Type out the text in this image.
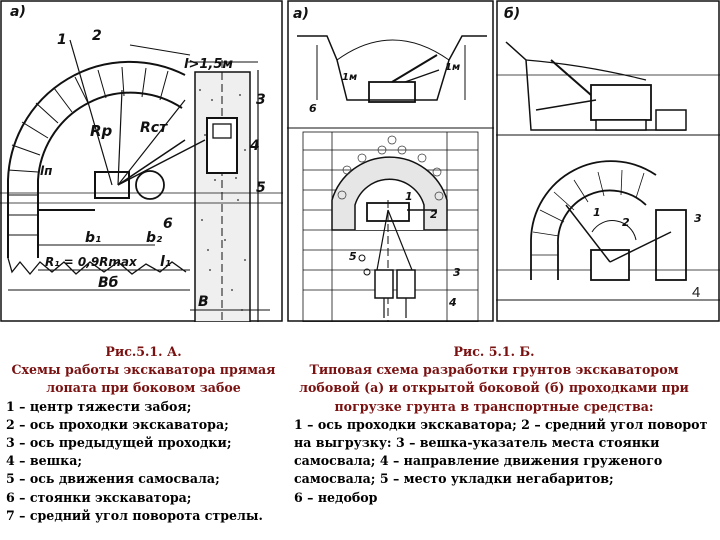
а)
1 2
3
4
5
6
Rр Rст
lп
b₁	b₂
l₁
R₁ = 0,9Rmax
Bб
B
l>1,5м
а)
1м
1м
6
1
2
3
4
5
б)
1
2	3
4
Рис.5.1. А.
Схемы работы экскаватора прямая
лопата при боковом забое
1 – центр тяжести забоя;
2 – ось проходки экскаватора;
3 – ось предыдущей проходки;
4 – вешка;
5 – ось движения самосвала;
6 – стоянки экскаватора;
7 – средний угол поворота стрелы.
Рис. 5.1. Б.
Типовая схема разработки грунтов экскаватором
лобовой (а) и открытой боковой (б) проходками при
погрузке грунта в транспортные средства:
1 – ось проходки экскаватора; 2 – средний угол поворот
на выгрузку: 3 – вешка-указатель места стоянки
самосвала; 4 – направление движения груженого
самосвала; 5 – место укладки негабаритов;
6 – недобор
